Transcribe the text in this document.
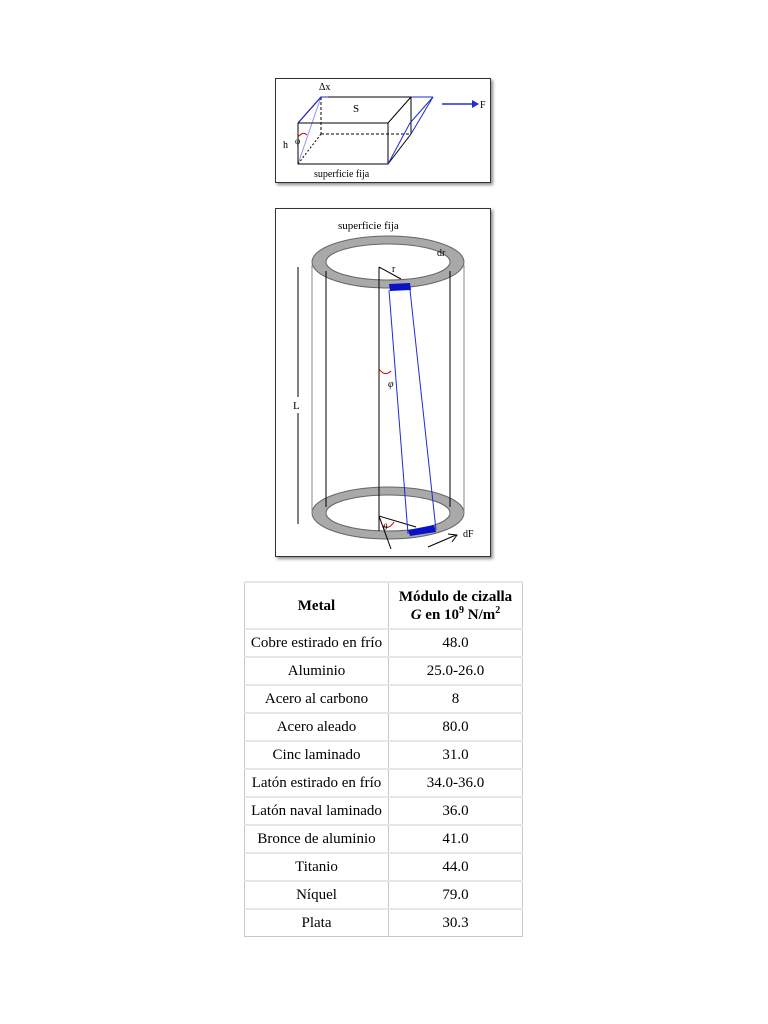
Δx
S	F
h φ
superficie fija
superficie fija
dr
r
φ
L
θ
dF
Metal	Módulo de cizalla
G en $10^9$ $N/m^2$
Cobre estirado en frío	48.0
Aluminio	25.0-26.0
Acero al carbono	8
Acero aleado	80.0
Cinc laminado	31.0
Latón estirado en frío	34.0-36.0
Latón naval laminado	36.0
Bronce de aluminio	41.0
Titanio	44.0
Níquel	79.0
Plata	30.3
